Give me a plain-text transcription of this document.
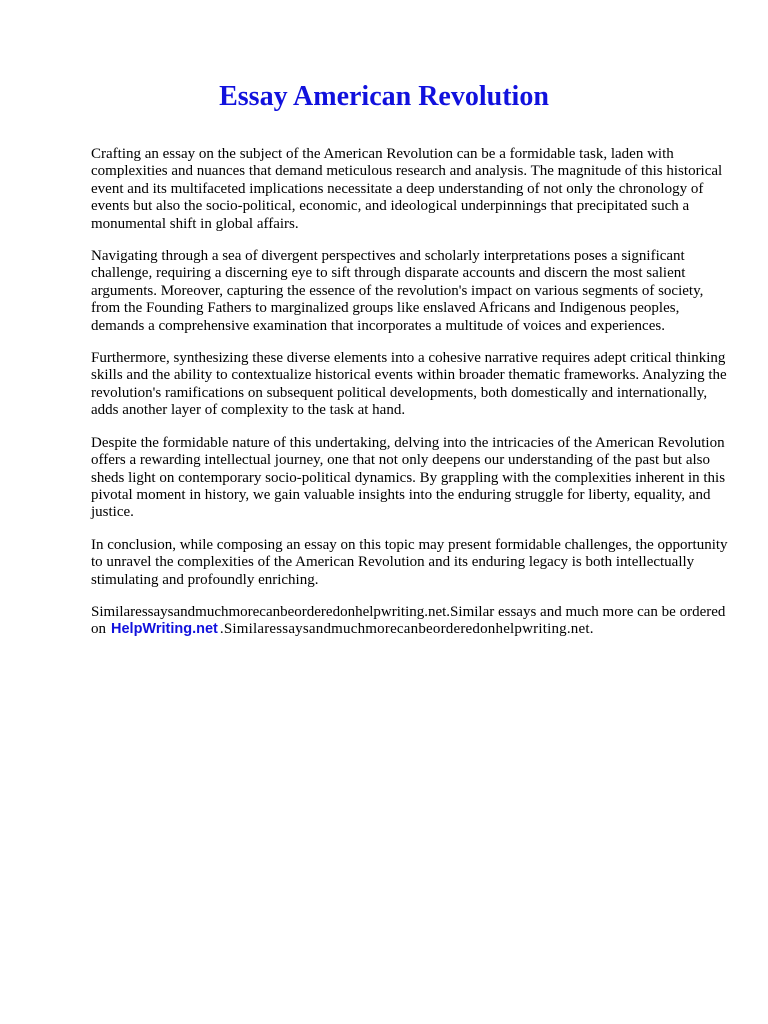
Essay American Revolution

Crafting an essay on the subject of the American Revolution can be a formidable task, laden with complexities and nuances that demand meticulous research and analysis. The magnitude of this historical event and its multifaceted implications necessitate a deep understanding of not only the chronology of events but also the socio-political, economic, and ideological underpinnings that precipitated such a monumental shift in global affairs.

Navigating through a sea of divergent perspectives and scholarly interpretations poses a significant challenge, requiring a discerning eye to sift through disparate accounts and discern the most salient arguments. Moreover, capturing the essence of the revolution's impact on various segments of society, from the Founding Fathers to marginalized groups like enslaved Africans and Indigenous peoples, demands a comprehensive examination that incorporates a multitude of voices and experiences.

Furthermore, synthesizing these diverse elements into a cohesive narrative requires adept critical thinking skills and the ability to contextualize historical events within broader thematic frameworks. Analyzing the revolution's ramifications on subsequent political developments, both domestically and internationally, adds another layer of complexity to the task at hand.

Despite the formidable nature of this undertaking, delving into the intricacies of the American Revolution offers a rewarding intellectual journey, one that not only deepens our understanding of the past but also sheds light on contemporary socio-political dynamics. By grappling with the complexities inherent in this pivotal moment in history, we gain valuable insights into the enduring struggle for liberty, equality, and justice.

In conclusion, while composing an essay on this topic may present formidable challenges, the opportunity to unravel the complexities of the American Revolution and its enduring legacy is both intellectually stimulating and profoundly enriching.

Similaressaysandmuchmorecanbeorderedonhelpwriting.net.Similar essays and much more can be ordered on HelpWriting.net .Similaressaysandmuchmorecanbeorderedonhelpwriting.net.
